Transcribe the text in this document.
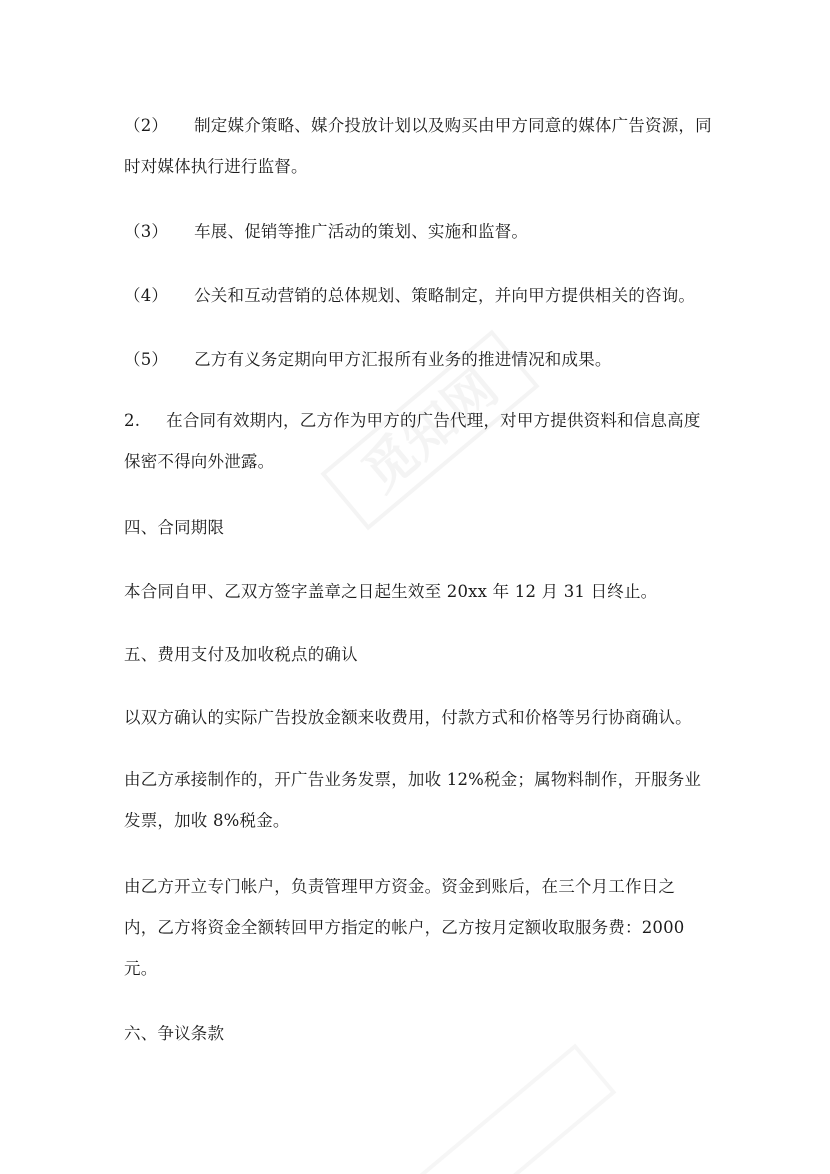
觅知网
（2） 制定媒介策略、媒介投放计划以及购买由甲方同意的媒体广告资源，同
时对媒体执行进行监督。
（3） 车展、促销等推广活动的策划、实施和监督。
（4） 公关和互动营销的总体规划、策略制定，并向甲方提供相关的咨询。
（5） 乙方有义务定期向甲方汇报所有业务的推进情况和成果。
2. 在合同有效期内，乙方作为甲方的广告代理，对甲方提供资料和信息高度
保密不得向外泄露。
四、合同期限
本合同自甲、乙双方签字盖章之日起生效至 20xx 年 12 月 31 日终止。
五、费用支付及加收税点的确认
以双方确认的实际广告投放金额来收费用，付款方式和价格等另行协商确认。
由乙方承接制作的，开广告业务发票，加收 12%税金；属物料制作，开服务业
发票，加收 8%税金。
由乙方开立专门帐户，负责管理甲方资金。资金到账后，在三个月工作日之
内，乙方将资金全额转回甲方指定的帐户，乙方按月定额收取服务费：2000
元。
六、争议条款
